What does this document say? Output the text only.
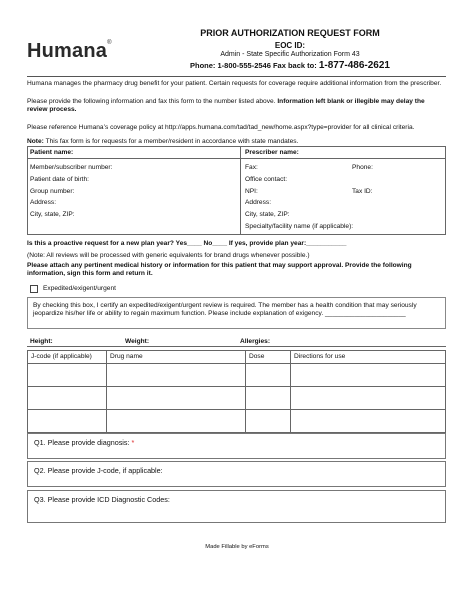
Humana®
PRIOR AUTHORIZATION REQUEST FORM
EOC ID:
Admin - State Specific Authorization Form 43
Phone: 1-800-555-2546 Fax back to: 1-877-486-2621
Humana manages the pharmacy drug benefit for your patient. Certain requests for coverage require additional information from the prescriber.
Please provide the following information and fax this form to the number listed above. Information left blank or illegible may delay the review process.
Please reference Humana’s coverage policy at http://apps.humana.com/tad/tad_new/home.aspx?type=provider for all clinical criteria.
Note: This fax form is for requests for a member/resident in accordance with state mandates.
Patient name:
Member/subscriber number:
Patient date of birth:
Group number:
Address:
City, state, ZIP:
Prescriber name:
Fax:	Phone:
Office contact:
NPI:	Tax ID:
Address:
City, state, ZIP:
Specialty/facility name (if applicable):
Is this a proactive request for a new plan year? Yes____ No____ If yes, provide plan year:___________
(Note: All reviews will be processed with generic equivalents for brand drugs whenever possible.)
Please attach any pertinent medical history or information for this patient that may support approval. Provide the following information, sign this form and return it.
Expedited/exigent/urgent
By checking this box, I certify an expedited/exigent/urgent review is required. The member has a health condition that may seriously jeopardize his/her life or ability to regain maximum function. Please include explanation of exigency. ______________________
Height:	Weight:	Allergies:
J-code (if applicable)	Drug name	Dose	Directions for use
Q1. Please provide diagnosis: *
Q2. Please provide J-code, if applicable:
Q3. Please provide ICD Diagnostic Codes:
Made Fillable by eForms
